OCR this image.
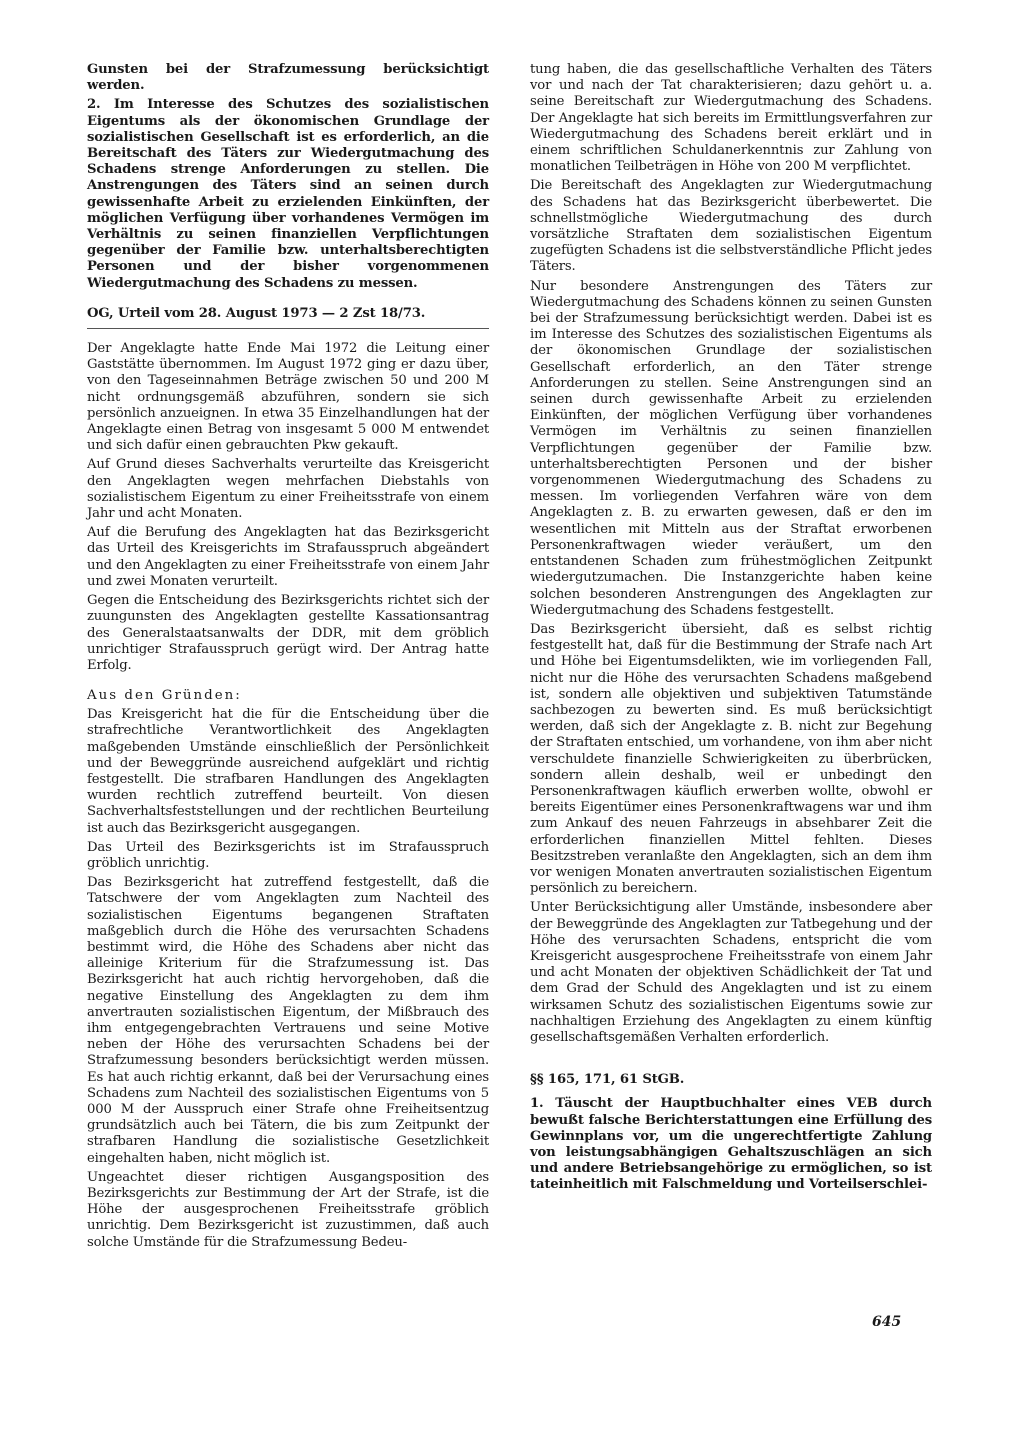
Gunsten bei der Strafzumessung berücksichtigt werden.

2. Im Interesse des Schutzes des sozialistischen Eigentums als der ökonomischen Grundlage der sozialistischen Gesellschaft ist es erforderlich, an die Bereitschaft des Täters zur Wiedergutmachung des Schadens strenge Anforderungen zu stellen. Die Anstrengungen des Täters sind an seinen durch gewissenhafte Arbeit zu erzielenden Einkünften, der möglichen Verfügung über vorhandenes Vermögen im Verhältnis zu seinen finanziellen Verpflichtungen gegenüber der Familie bzw. unterhaltsberechtigten Personen und der bisher vorgenommenen Wiedergutmachung des Schadens zu messen.

OG, Urteil vom 28. August 1973 — 2 Zst 18/73.

Der Angeklagte hatte Ende Mai 1972 die Leitung einer Gaststätte übernommen. Im August 1972 ging er dazu über, von den Tageseinnahmen Beträge zwischen 50 und 200 M nicht ordnungsgemäß abzuführen, sondern sie sich persönlich anzueignen. In etwa 35 Einzelhandlungen hat der Angeklagte einen Betrag von insgesamt 5 000 M entwendet und sich dafür einen gebrauchten Pkw gekauft.

Auf Grund dieses Sachverhalts verurteilte das Kreisgericht den Angeklagten wegen mehrfachen Diebstahls von sozialistischem Eigentum zu einer Freiheitsstrafe von einem Jahr und acht Monaten.

Auf die Berufung des Angeklagten hat das Bezirksgericht das Urteil des Kreisgerichts im Strafausspruch abgeändert und den Angeklagten zu einer Freiheitsstrafe von einem Jahr und zwei Monaten verurteilt.

Gegen die Entscheidung des Bezirksgerichts richtet sich der zuungunsten des Angeklagten gestellte Kassationsantrag des Generalstaatsanwalts der DDR, mit dem gröblich unrichtiger Strafausspruch gerügt wird. Der Antrag hatte Erfolg.

Aus den Gründen:

Das Kreisgericht hat die für die Entscheidung über die strafrechtliche Verantwortlichkeit des Angeklagten maßgebenden Umstände einschließlich der Persönlichkeit und der Beweggründe ausreichend aufgeklärt und richtig festgestellt. Die strafbaren Handlungen des Angeklagten wurden rechtlich zutreffend beurteilt. Von diesen Sachverhaltsfeststellungen und der rechtlichen Beurteilung ist auch das Bezirksgericht ausgegangen.

Das Urteil des Bezirksgerichts ist im Strafausspruch gröblich unrichtig.

Das Bezirksgericht hat zutreffend festgestellt, daß die Tatschwere der vom Angeklagten zum Nachteil des sozialistischen Eigentums begangenen Straftaten maßgeblich durch die Höhe des verursachten Schadens bestimmt wird, die Höhe des Schadens aber nicht das alleinige Kriterium für die Strafzumessung ist. Das Bezirksgericht hat auch richtig hervorgehoben, daß die negative Einstellung des Angeklagten zu dem ihm anvertrauten sozialistischen Eigentum, der Mißbrauch des ihm entgegengebrachten Vertrauens und seine Motive neben der Höhe des verursachten Schadens bei der Strafzumessung besonders berücksichtigt werden müssen. Es hat auch richtig erkannt, daß bei der Verursachung eines Schadens zum Nachteil des sozialistischen Eigentums von 5 000 M der Ausspruch einer Strafe ohne Freiheitsentzug grundsätzlich auch bei Tätern, die bis zum Zeitpunkt der strafbaren Handlung die sozialistische Gesetzlichkeit eingehalten haben, nicht möglich ist.

Ungeachtet dieser richtigen Ausgangsposition des Bezirksgerichts zur Bestimmung der Art der Strafe, ist die Höhe der ausgesprochenen Freiheitsstrafe gröblich unrichtig. Dem Bezirksgericht ist zuzustimmen, daß auch solche Umstände für die Strafzumessung Bedeu-

tung haben, die das gesellschaftliche Verhalten des Täters vor und nach der Tat charakterisieren; dazu gehört u. a. seine Bereitschaft zur Wiedergutmachung des Schadens. Der Angeklagte hat sich bereits im Ermittlungsverfahren zur Wiedergutmachung des Schadens bereit erklärt und in einem schriftlichen Schuldanerkenntnis zur Zahlung von monatlichen Teilbeträgen in Höhe von 200 M verpflichtet.

Die Bereitschaft des Angeklagten zur Wiedergutmachung des Schadens hat das Bezirksgericht überbewertet. Die schnellstmögliche Wiedergutmachung des durch vorsätzliche Straftaten dem sozialistischen Eigentum zugefügten Schadens ist die selbstverständliche Pflicht jedes Täters.

Nur besondere Anstrengungen des Täters zur Wiedergutmachung des Schadens können zu seinen Gunsten bei der Strafzumessung berücksichtigt werden. Dabei ist es im Interesse des Schutzes des sozialistischen Eigentums als der ökonomischen Grundlage der sozialistischen Gesellschaft erforderlich, an den Täter strenge Anforderungen zu stellen. Seine Anstrengungen sind an seinen durch gewissenhafte Arbeit zu erzielenden Einkünften, der möglichen Verfügung über vorhandenes Vermögen im Verhältnis zu seinen finanziellen Verpflichtungen gegenüber der Familie bzw. unterhaltsberechtigten Personen und der bisher vorgenommenen Wiedergutmachung des Schadens zu messen. Im vorliegenden Verfahren wäre von dem Angeklagten z. B. zu erwarten gewesen, daß er den im wesentlichen mit Mitteln aus der Straftat erworbenen Personenkraftwagen wieder veräußert, um den entstandenen Schaden zum frühestmöglichen Zeitpunkt wiedergutzumachen. Die Instanzgerichte haben keine solchen besonderen Anstrengungen des Angeklagten zur Wiedergutmachung des Schadens festgestellt.

Das Bezirksgericht übersieht, daß es selbst richtig festgestellt hat, daß für die Bestimmung der Strafe nach Art und Höhe bei Eigentumsdelikten, wie im vorliegenden Fall, nicht nur die Höhe des verursachten Schadens maßgebend ist, sondern alle objektiven und subjektiven Tatumstände sachbezogen zu bewerten sind. Es muß berücksichtigt werden, daß sich der Angeklagte z. B. nicht zur Begehung der Straftaten entschied, um vorhandene, von ihm aber nicht verschuldete finanzielle Schwierigkeiten zu überbrücken, sondern allein deshalb, weil er unbedingt den Personenkraftwagen käuflich erwerben wollte, obwohl er bereits Eigentümer eines Personenkraftwagens war und ihm zum Ankauf des neuen Fahrzeugs in absehbarer Zeit die erforderlichen finanziellen Mittel fehlten. Dieses Besitzstreben veranlaßte den Angeklagten, sich an dem ihm vor wenigen Monaten anvertrauten sozialistischen Eigentum persönlich zu bereichern.

Unter Berücksichtigung aller Umstände, insbesondere aber der Beweggründe des Angeklagten zur Tatbegehung und der Höhe des verursachten Schadens, entspricht die vom Kreisgericht ausgesprochene Freiheitsstrafe von einem Jahr und acht Monaten der objektiven Schädlichkeit der Tat und dem Grad der Schuld des Angeklagten und ist zu einem wirksamen Schutz des sozialistischen Eigentums sowie zur nachhaltigen Erziehung des Angeklagten zu einem künftig gesellschaftsgemäßen Verhalten erforderlich.

§§ 165, 171, 61 StGB.

1. Täuscht der Hauptbuchhalter eines VEB durch bewußt falsche Berichterstattungen eine Erfüllung des Gewinnplans vor, um die ungerechtfertigte Zahlung von leistungsabhängigen Gehaltszuschlägen an sich und andere Betriebsangehörige zu ermöglichen, so ist tateinheitlich mit Falschmeldung und Vorteilserschlei-

645
